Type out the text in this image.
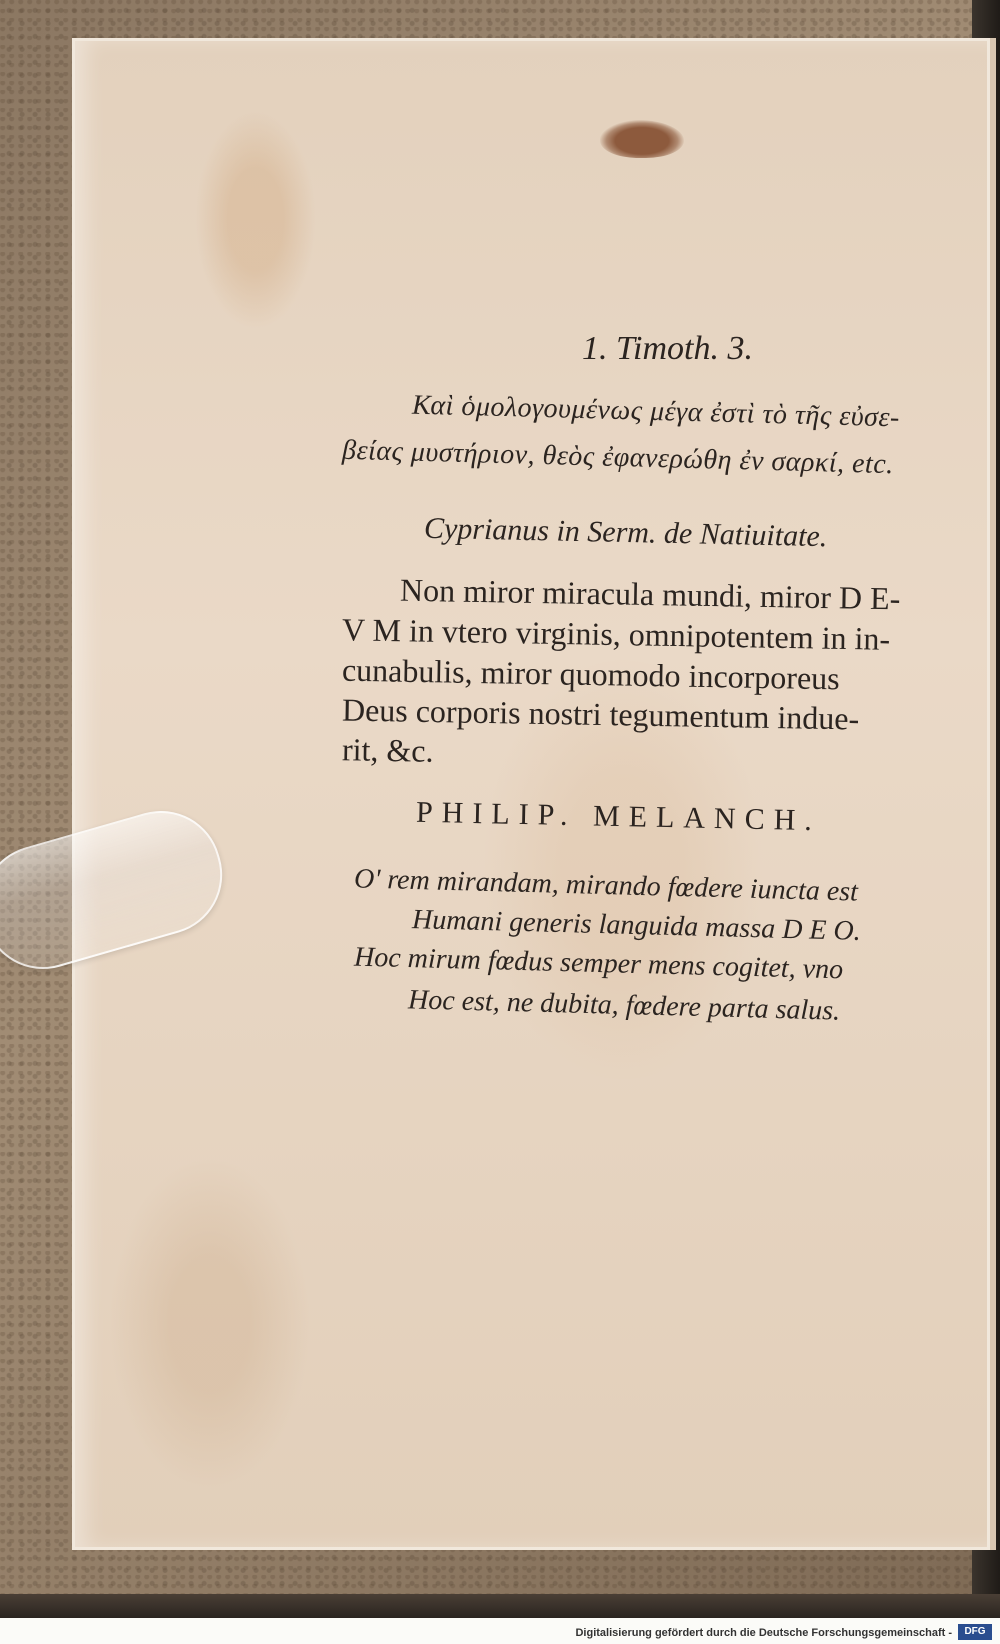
1. Timoth. 3.
Καὶ ὁμολογουμένως μέγα ἐστὶ τὸ τῆς εὐσε-
βείας μυστήριον, θεὸς ἐφανερώθη ἐν σαρκί, etc.
Cyprianus in Serm. de Natiuitate.
Non miror miracula mundi, miror D E-
V M in vtero virginis, omnipotentem in in-
cunabulis, miror quomodo incorporeus
Deus corporis nostri tegumentum indue-
rit, &c.
PHILIP. MELANCH.
O' rem mirandam, mirando fœdere iuncta est
Humani generis languida massa D E O.
Hoc mirum fœdus semper mens cogitet, vno
Hoc est, ne dubita, fœdere parta salus.
Digitalisierung gefördert durch die Deutsche Forschungsgemeinschaft -	DFG
